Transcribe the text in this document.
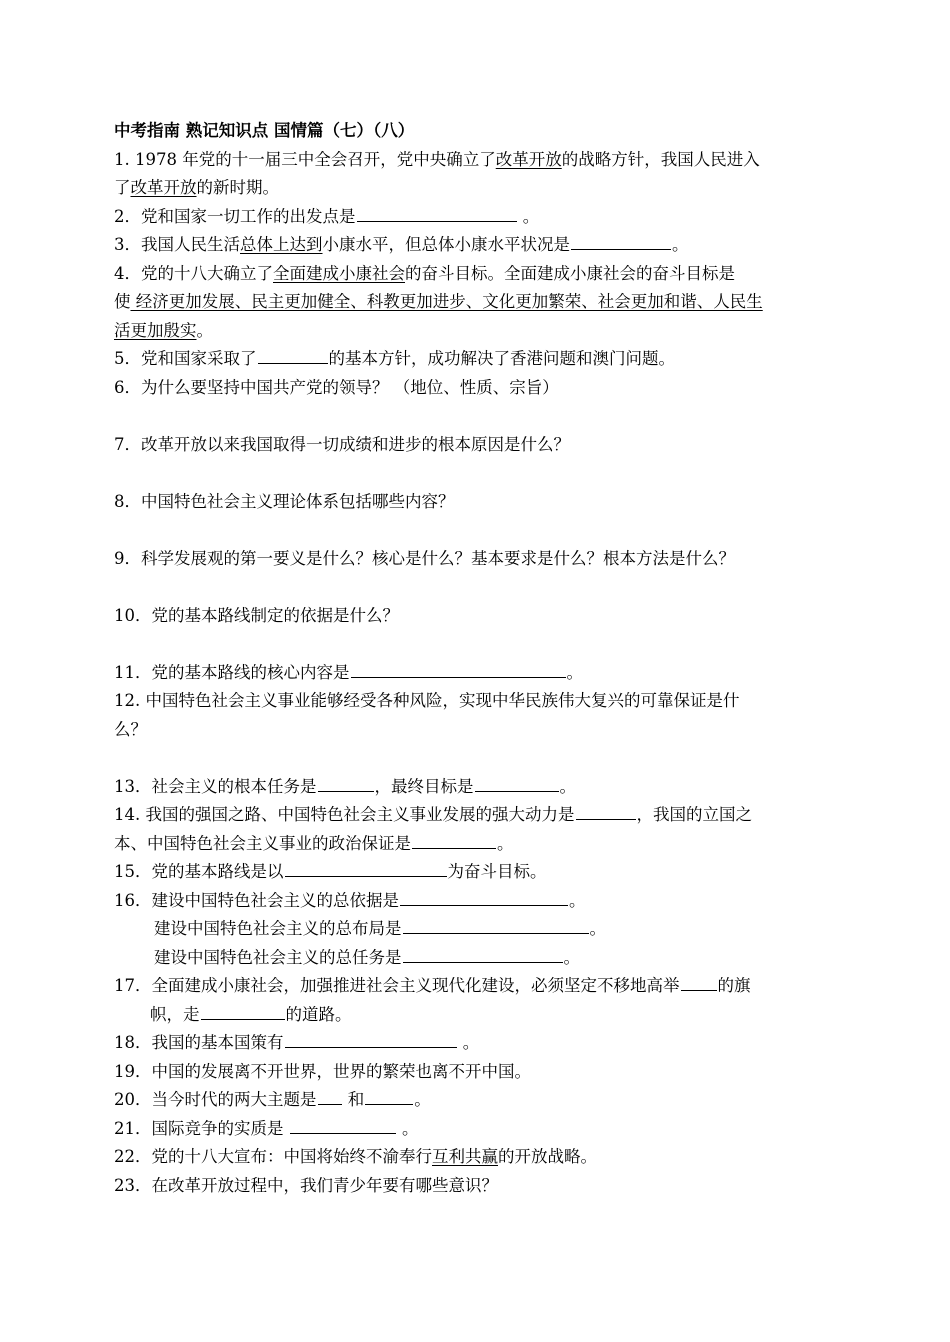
中考指南 熟记知识点 国情篇（七）（八）
1. 1978 年党的十一届三中全会召开，党中央确立了改革开放的战略方针，我国人民进入
了改革开放的新时期。
2．党和国家一切工作的出发点是	。
3．我国人民生活总体上达到小康水平，但总体小康水平状况是	。
4．党的十八大确立了全面建成小康社会的奋斗目标。全面建成小康社会的奋斗目标是
使 经济更加发展、民主更加健全、科教更加进步、文化更加繁荣、社会更加和谐、人民生
活更加殷实。
5．党和国家采取了	的基本方针，成功解决了香港问题和澳门问题。
6．为什么要坚持中国共产党的领导？ （地位、性质、宗旨）
7．改革开放以来我国取得一切成绩和进步的根本原因是什么？
8．中国特色社会主义理论体系包括哪些内容？
9．科学发展观的第一要义是什么？核心是什么？基本要求是什么？根本方法是什么？
10．党的基本路线制定的依据是什么？
11．党的基本路线的核心内容是	。
12. 中国特色社会主义事业能够经受各种风险，实现中华民族伟大复兴的可靠保证是什
么？
13．社会主义的根本任务是	，最终目标是	。
14. 我国的强国之路、中国特色社会主义事业发展的强大动力是	，我国的立国之
本、中国特色社会主义事业的政治保证是	。
15．党的基本路线是以	为奋斗目标。
16．建设中国特色社会主义的总依据是	。
建设中国特色社会主义的总布局是	。
建设中国特色社会主义的总任务是	。
17．全面建成小康社会，加强推进社会主义现代化建设，必须坚定不移地高举 的旗
帜，走	的道路。
18．我国的基本国策有	。
19．中国的发展离不开世界，世界的繁荣也离不开中国。
20．当今时代的两大主题是 和	。
21．国际竞争的实质是	。
22．党的十八大宣布：中国将始终不渝奉行互利共赢的开放战略。
23．在改革开放过程中，我们青少年要有哪些意识？
